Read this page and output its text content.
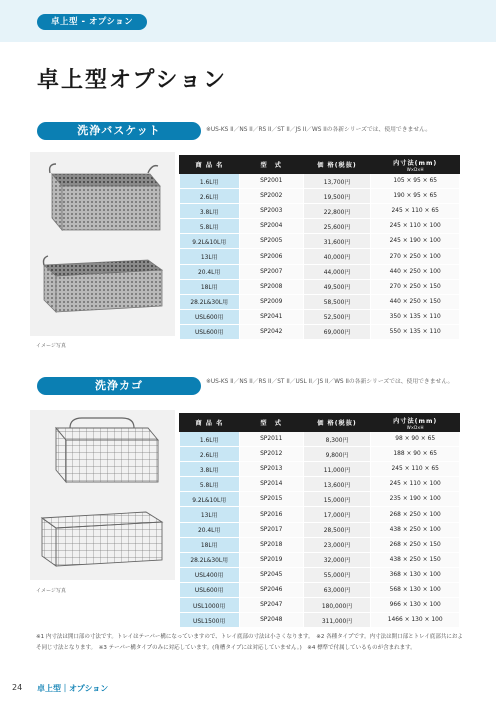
卓上型 - オプション
卓上型オプション
洗浄バスケット	※US-KS II／NS II／RS II／ST II／JS II／WS IIの各新シリーズでは、使用できません。
イメージ写真
商 品 名	型　式	価 格(税抜)	内寸法(mm)
W×D×H

1.6L用	SP2001	13,700円	105 × 95 × 65
2.6L用	SP2002	19,500円	190 × 95 × 65
3.8L用	SP2003	22,800円	245 × 110 × 65
5.8L用	SP2004	25,600円	245 × 110 × 100
9.2L&10L用	SP2005	31,600円	245 × 190 × 100
13L用	SP2006	40,000円	270 × 250 × 100
20.4L用	SP2007	44,000円	440 × 250 × 100
18L用	SP2008	49,500円	270 × 250 × 150
28.2L&30L用	SP2009	58,500円	440 × 250 × 150
USL600用	SP2041	52,500円	350 × 135 × 110
USL600用	SP2042	69,000円	550 × 135 × 110
洗浄カゴ	※US-KS II／NS II／RS II／ST II／USL II／JS II／WS IIの各新シリーズでは、使用できません。
イメージ写真
商 品 名	型　式	価 格(税抜)	内寸法(mm)
W×D×H

1.6L用	SP2011	8,300円	98 × 90 × 65
2.6L用	SP2012	9,800円	188 × 90 × 65
3.8L用	SP2013	11,000円	245 × 110 × 65
5.8L用	SP2014	13,600円	245 × 110 × 100
9.2L&10L用	SP2015	15,000円	235 × 190 × 100
13L用	SP2016	17,000円	268 × 250 × 100
20.4L用	SP2017	28,500円	438 × 250 × 100
18L用	SP2018	23,000円	268 × 250 × 150
28.2L&30L用	SP2019	32,000円	438 × 250 × 150
USL400用	SP2045	55,000円	368 × 130 × 100
USL600用	SP2046	63,000円	568 × 130 × 100
USL1000用	SP2047	180,000円	966 × 130 × 100
USL1500用	SP2048	311,000円	1466 × 130 × 100
※1 内寸法は開口部の寸法です。トレイはテーパー構になっていますので、トレイ底部の寸法は小さくなります。　※2 各種タイプです。内寸法は開口部とトレイ底部共におよそ同じ寸法となります。　※3 テーパー構タイプのみに対応しています。(角槽タイプには対応していません。)　※4 標準で付属しているものが含まれます。
24 卓上型｜オプション
